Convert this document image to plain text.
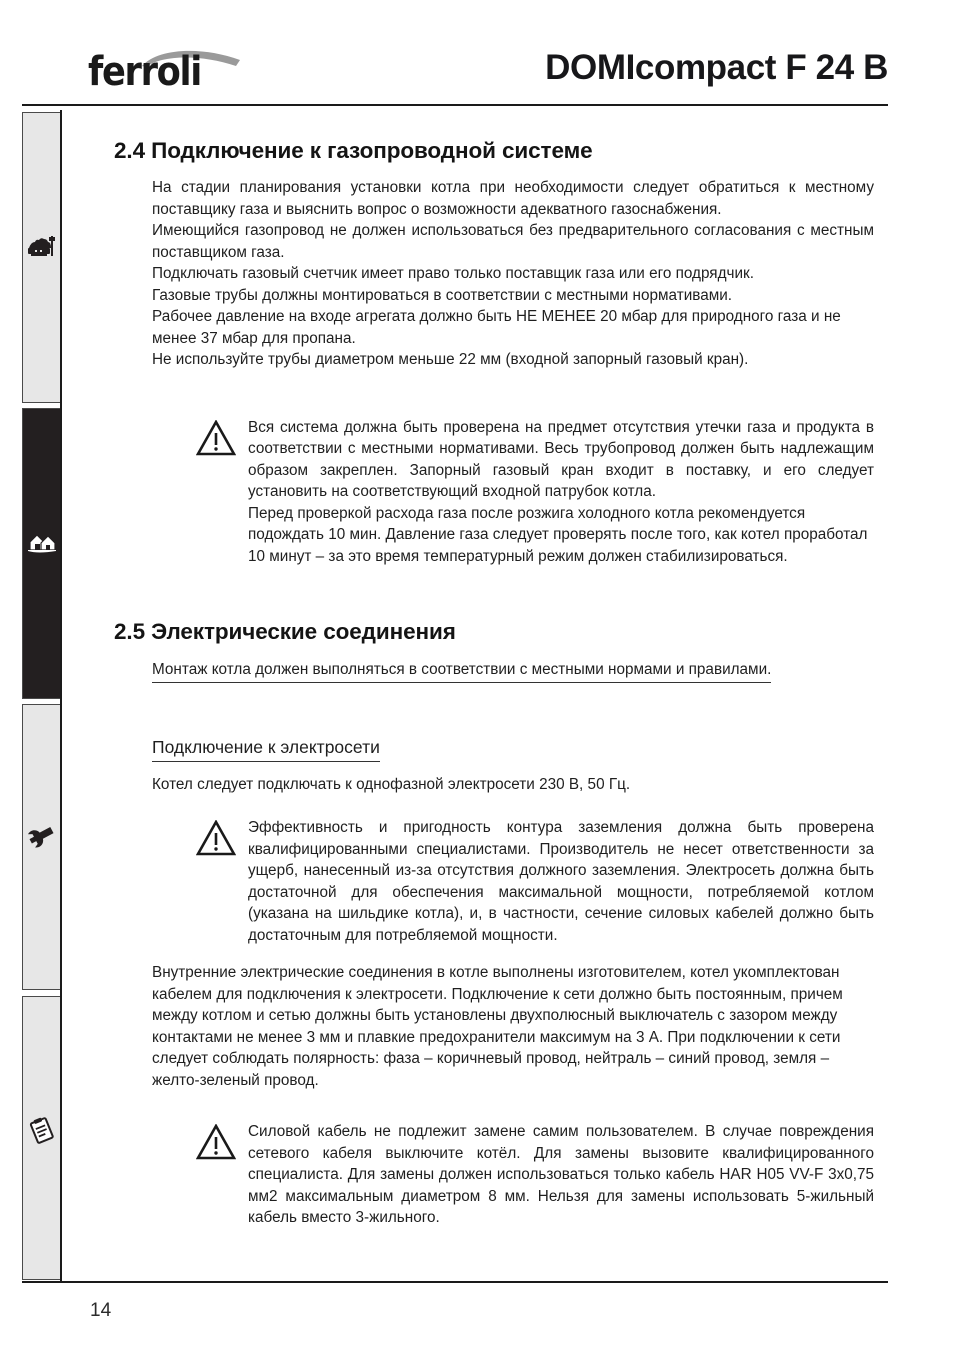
ferroli	DOMIcompact F 24 B
2.4 Подключение к газопроводной системе

На стадии планирования установки котла при необходимости следует обратиться к местному поставщику газа и выяснить вопрос о возможности адекватного газоснабжения.

Имеющийся газопровод не должен использоваться без предварительного согласования с местным поставщиком газа.

Подключать газовый счетчик имеет право только поставщик газа или его подрядчик.

Газовые трубы должны монтироваться в соответствии с местными нормативами.

Рабочее давление на входе агрегата должно быть НЕ МЕНЕЕ 20 мбар для природного газа и не менее 37 мбар для пропана.

Не используйте трубы диаметром меньше 22 мм (входной запорный газовый кран).

Вся система должна быть проверена на предмет отсутствия утечки газа и продукта в соответствии с местными нормативами. Весь трубопровод должен быть надлежащим образом закреплен. Запорный газовый кран входит в поставку, и его следует установить на соответствующий входной патрубок котла.

Перед проверкой расхода газа после розжига холодного котла рекомендуется подождать 10 мин. Давление газа следует проверять после того, как котел проработал 10 минут – за это время температурный режим должен стабилизироваться.

2.5 Электрические соединения
Монтаж котла должен выполняться в соответствии с местными нормами и правилами.
Подключение к электросети

Котел следует подключать к однофазной электросети 230 В, 50 Гц.

Эффективность и пригодность контура заземления должна быть проверена квалифицированными специалистами. Производитель не несет ответственности за ущерб, нанесенный из-за отсутствия должного заземления. Электросеть должна быть достаточной для обеспечения максимальной мощности, потребляемой котлом (указана на шильдике котла), и, в частности, сечение силовых кабелей должно быть достаточным для потребляемой мощности.

Внутренние электрические соединения в котле выполнены изготовителем, котел укомплектован кабелем для подключения к электросети. Подключение к сети должно быть постоянным, причем между котлом и сетью должны быть установлены двухполюсный выключатель с зазором между контактами не менее 3 мм и плавкие предохранители максимум на 3 А. При подключении к сети следует соблюдать полярность: фаза – коричневый провод, нейтраль – синий провод, земля – желто-зеленый провод.

Силовой кабель не подлежит замене самим пользователем. В случае повреждения сетевого кабеля выключите котёл. Для замены вызовите квалифицированного специалиста. Для замены должен использоваться только кабель HAR H05 VV-F 3x0,75 мм2 максимальным диаметром 8 мм. Нельзя для замены использовать 5-жильный кабель вместо 3-жильного.

14
